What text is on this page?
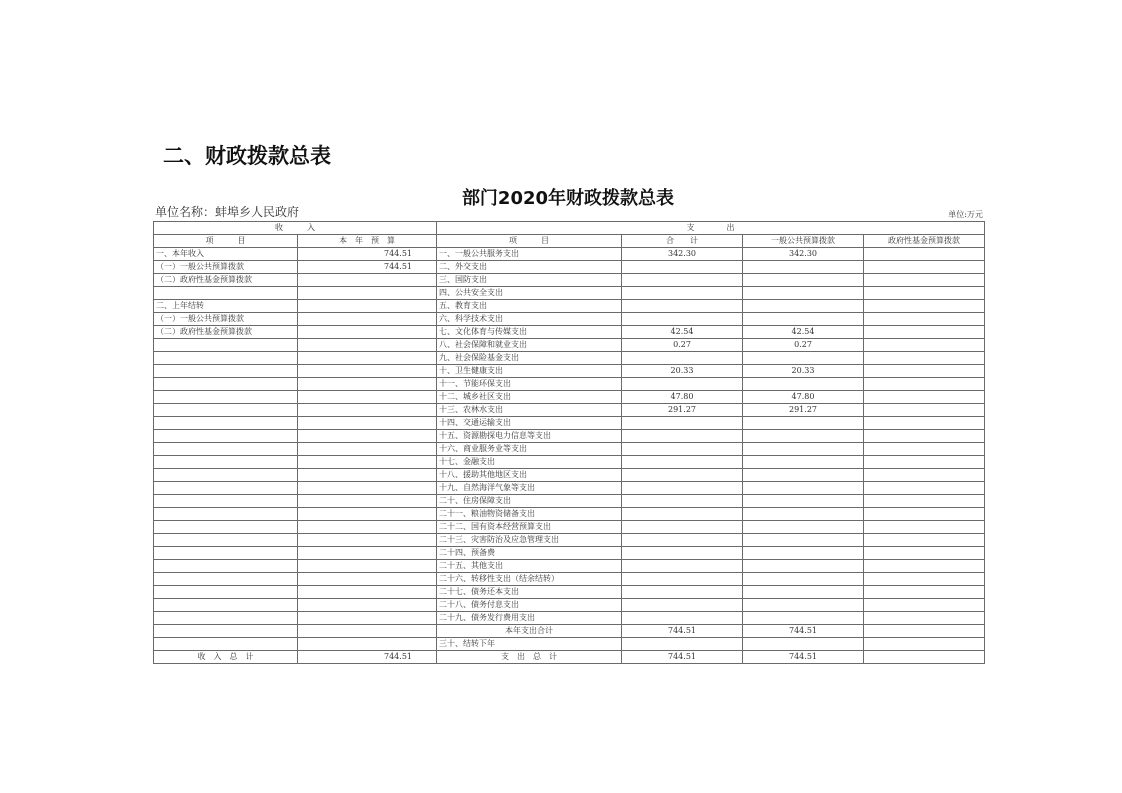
二、财政拨款总表
部门2020年财政拨款总表
单位名称：蚌埠乡人民政府	单位:万元
收　　　入		支　　　　出			
项　　　目	本　年　预　算	项　　　目	合　　计	一般公共预算拨款	政府性基金预算拨款
一、本年收入	744.51	一、一般公共服务支出	342.30	342.30	
（一）一般公共预算拨款	744.51	二、外交支出			
（二）政府性基金预算拨款		三、国防支出			
		四、公共安全支出			
二、上年结转		五、教育支出			
（一）一般公共预算拨款		六、科学技术支出			
（二）政府性基金预算拨款		七、文化体育与传媒支出	42.54	42.54	
		八、社会保障和就业支出	0.27	0.27	
		九、社会保险基金支出			
		十、卫生健康支出	20.33	20.33	
		十一、节能环保支出			
		十二、城乡社区支出	47.80	47.80	
		十三、农林水支出	291.27	291.27	
		十四、交通运输支出			
		十五、资源勘探电力信息等支出			
		十六、商业服务业等支出			
		十七、金融支出			
		十八、援助其他地区支出			
		十九、自然海洋气象等支出			
		二十、住房保障支出			
		二十一、粮油物资储备支出			
		二十二、国有资本经营预算支出			
		二十三、灾害防治及应急管理支出			
		二十四、预备费			
		二十五、其他支出			
		二十六、转移性支出（结余结转）			
		二十七、债务还本支出			
		二十八、债务付息支出			
		二十九、债务发行费用支出			
		本年支出合计	744.51	744.51	
		三十、结转下年			
收　入　总　计	744.51	支　出　总　计	744.51	744.51	
